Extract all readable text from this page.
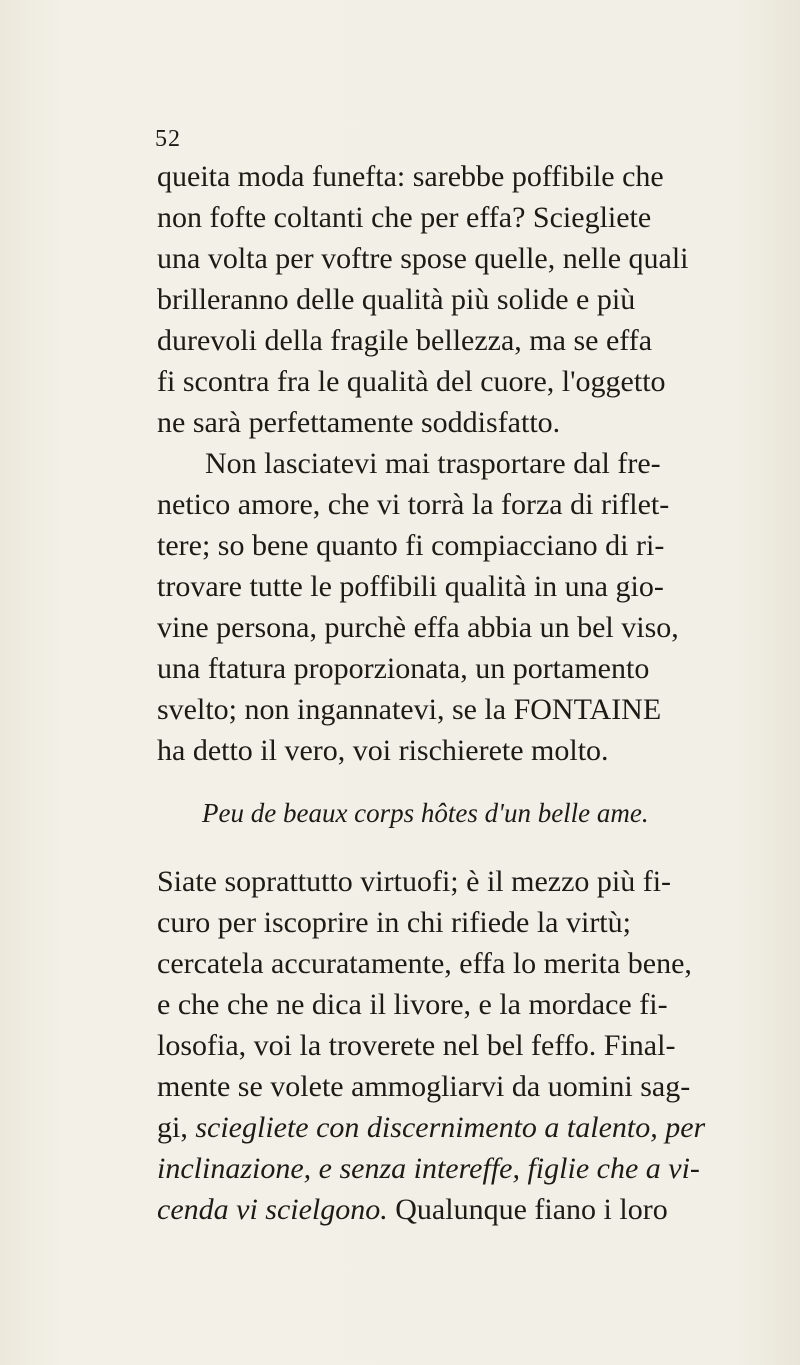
52

queita moda funefta: sarebbe poffibile che
non fofte coltanti che per effa? Sciegliete
una volta per voftre spose quelle, nelle quali
brilleranno delle qualità più solide e più
durevoli della fragile bellezza, ma se effa
fi scontra fra le qualità del cuore, l'oggetto
ne sarà perfettamente soddisfatto.

Non lasciatevi mai trasportare dal fre-
netico amore, che vi torrà la forza di riflet-
tere; so bene quanto fi compiacciano di ri-
trovare tutte le poffibili qualità in una gio-
vine persona, purchè effa abbia un bel viso,
una ftatura proporzionata, un portamento
svelto; non ingannatevi, se la FONTAINE
ha detto il vero, voi rischierete molto.

Peu de beaux corps hôtes d'un belle ame.

Siate soprattutto virtuofi; è il mezzo più fi-
curo per iscoprire in chi rifiede la virtù;
cercatela accuratamente, effa lo merita bene,
e che che ne dica il livore, e la mordace fi-
losofia, voi la troverete nel bel feffo. Final-
mente se volete ammogliarvi da uomini sag-
gi, sciegliete con discernimento a talento, per
inclinazione, e senza intereffe, figlie che a vi-
cenda vi scielgono. Qualunque fiano i loro
